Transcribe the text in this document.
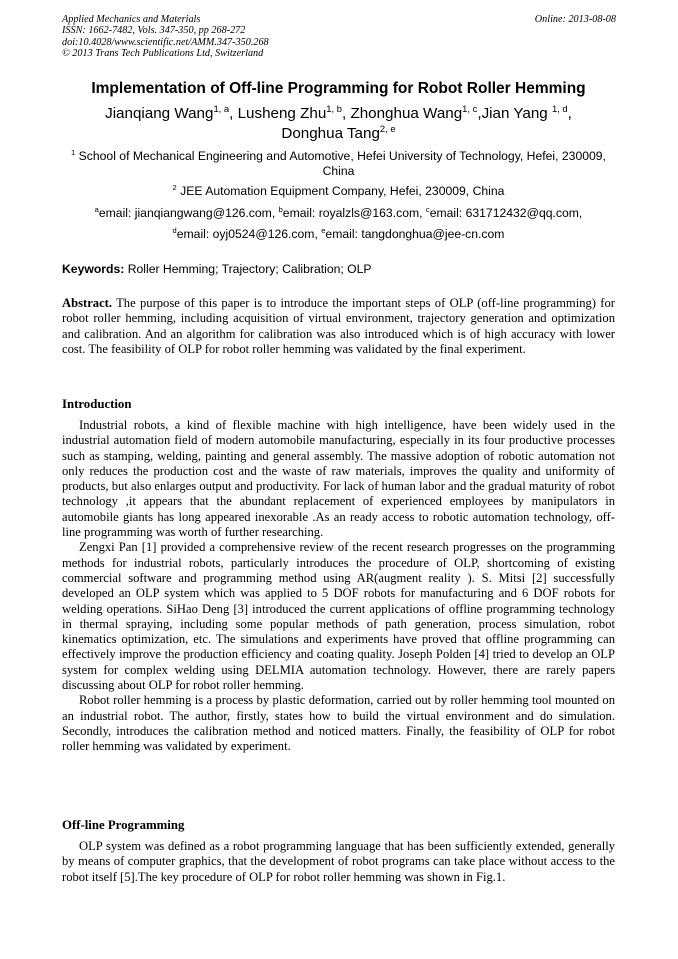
Applied Mechanics and Materials
ISSN: 1662-7482, Vols. 347-350, pp 268-272
doi:10.4028/www.scientific.net/AMM.347-350.268
© 2013 Trans Tech Publications Ltd, Switzerland
Online: 2013-08-08
Implementation of Off-line Programming for Robot Roller Hemming
Jianqiang Wang$^{1, a}$, Lusheng Zhu$^{1, b}$, Zhonghua Wang$^{1, c}$,Jian Yang $^{1, d}$,
Donghua Tang$^{2, e}$
$^1$ School of Mechanical Engineering and Automotive, Hefei University of Technology, Hefei, 230009, China
$^2$ JEE Automation Equipment Company, Hefei, 230009, China
$^a$email: jianqiangwang@126.com, $^b$email: royalzls@163.com, $^c$email: 631712432@qq.com,
$^d$email: oyj0524@126.com, $^e$email: tangdonghua@jee-cn.com
Keywords: Roller Hemming; Trajectory; Calibration; OLP

Abstract. The purpose of this paper is to introduce the important steps of OLP (off-line programming) for robot roller hemming, including acquisition of virtual environment, trajectory generation and optimization and calibration. And an algorithm for calibration was also introduced which is of high accuracy with lower cost. The feasibility of OLP for robot roller hemming was validated by the final experiment.

Introduction

Industrial robots, a kind of flexible machine with high intelligence, have been widely used in the industrial automation field of modern automobile manufacturing, especially in its four productive processes such as stamping, welding, painting and general assembly. The massive adoption of robotic automation not only reduces the production cost and the waste of raw materials, improves the quality and uniformity of products, but also enlarges output and productivity. For lack of human labor and the gradual maturity of robot technology ,it appears that the abundant replacement of experienced employees by manipulators in automobile giants has long appeared inexorable .As an ready access to robotic automation technology, off-line programming was worth of further researching.

Zengxi Pan [1] provided a comprehensive review of the recent research progresses on the programming methods for industrial robots, particularly introduces the procedure of OLP, shortcoming of existing commercial software and programming method using AR(augment reality ). S. Mitsi [2] successfully developed an OLP system which was applied to 5 DOF robots for manufacturing and 6 DOF robots for welding operations. SiHao Deng [3] introduced the current applications of offline programming technology in thermal spraying, including some popular methods of path generation, process simulation, robot kinematics optimization, etc. The simulations and experiments have proved that offline programming can effectively improve the production efficiency and coating quality. Joseph Polden [4] tried to develop an OLP system for complex welding using DELMIA automation technology. However, there are rarely papers discussing about OLP for robot roller hemming.

Robot roller hemming is a process by plastic deformation, carried out by roller hemming tool mounted on an industrial robot. The author, firstly, states how to build the virtual environment and do simulation. Secondly, introduces the calibration method and noticed matters. Finally, the feasibility of OLP for robot roller hemming was validated by experiment.

Off-line Programming

OLP system was defined as a robot programming language that has been sufficiently extended, generally by means of computer graphics, that the development of robot programs can take place without access to the robot itself [5].The key procedure of OLP for robot roller hemming was shown in Fig.1.
